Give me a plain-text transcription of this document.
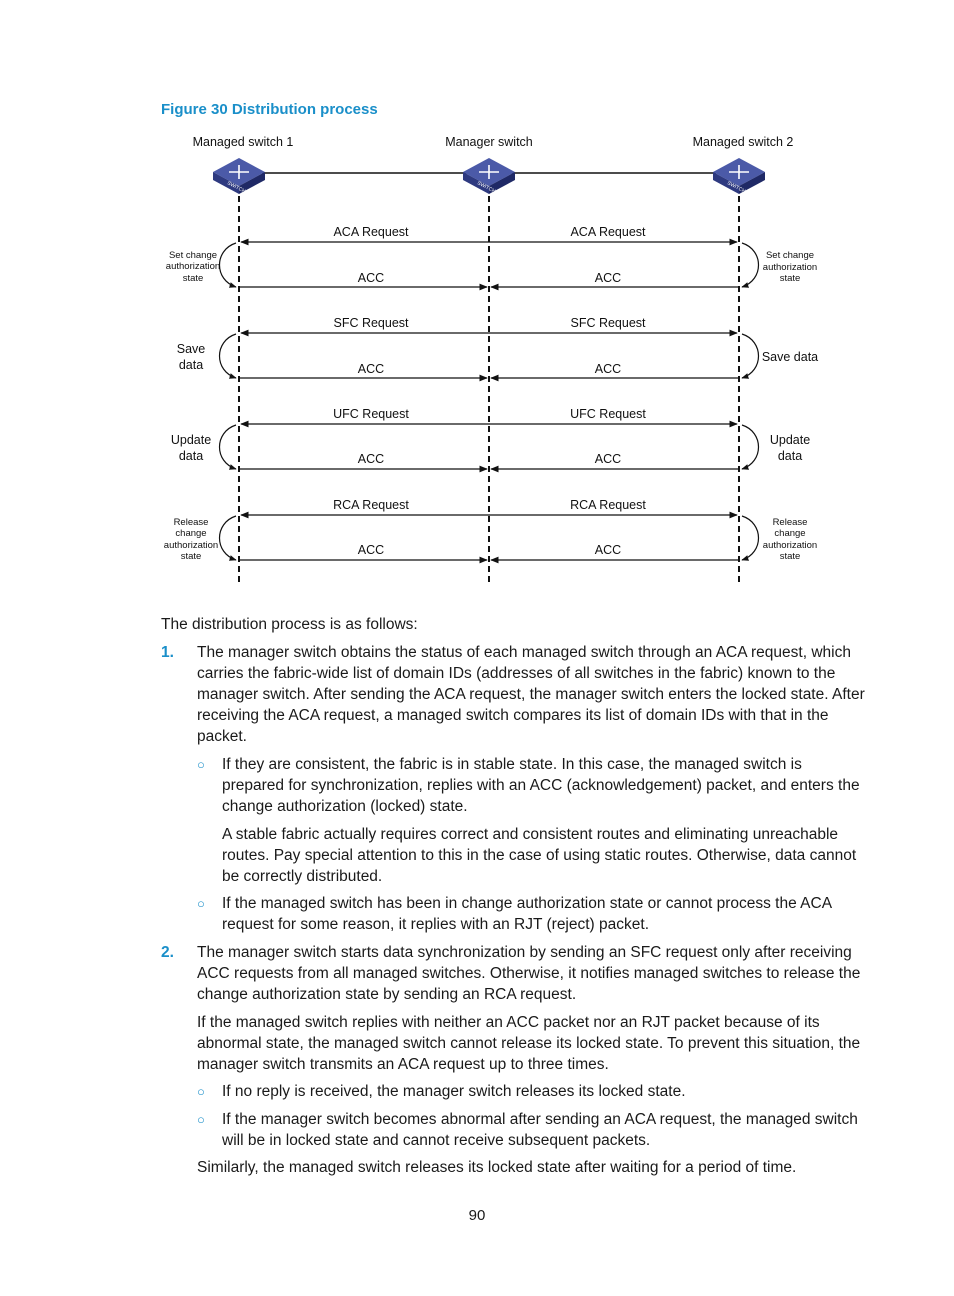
Figure 30 Distribution process
Managed switch 1	Manager switch	Managed switch 2
SWITCH	SWITCH	SWITCH
ACA Request	ACA Request
ACC	ACC
SFC Request	SFC Request
ACC	ACC
UFC Request	UFC Request
ACC	ACC
RCA Request	RCA Request
ACC	ACC
Set change
authorization
state
Set change
authorization
state
Save
data
Save data
Update
data
Update
data
Release
change
authorization
state
Release
change
authorization
state
The distribution process is as follows:
1. The manager switch obtains the status of each managed switch through an ACA request, which carries the fabric-wide list of domain IDs (addresses of all switches in the fabric) known to the manager switch. After sending the ACA request, the manager switch enters the locked state. After receiving the ACA request, a managed switch compares its list of domain IDs with that in the packet.
○ If they are consistent, the fabric is in stable state. In this case, the managed switch is prepared for synchronization, replies with an ACC (acknowledgement) packet, and enters the change authorization (locked) state.
A stable fabric actually requires correct and consistent routes and eliminating unreachable routes. Pay special attention to this in the case of using static routes. Otherwise, data cannot be correctly distributed.
○ If the managed switch has been in change authorization state or cannot process the ACA request for some reason, it replies with an RJT (reject) packet.
2. The manager switch starts data synchronization by sending an SFC request only after receiving ACC requests from all managed switches. Otherwise, it notifies managed switches to release the change authorization state by sending an RCA request.
If the managed switch replies with neither an ACC packet nor an RJT packet because of its abnormal state, the managed switch cannot release its locked state. To prevent this situation, the manager switch transmits an ACA request up to three times.
○ If no reply is received, the manager switch releases its locked state.
○ If the manager switch becomes abnormal after sending an ACA request, the managed switch will be in locked state and cannot receive subsequent packets.
Similarly, the managed switch releases its locked state after waiting for a period of time.
90
